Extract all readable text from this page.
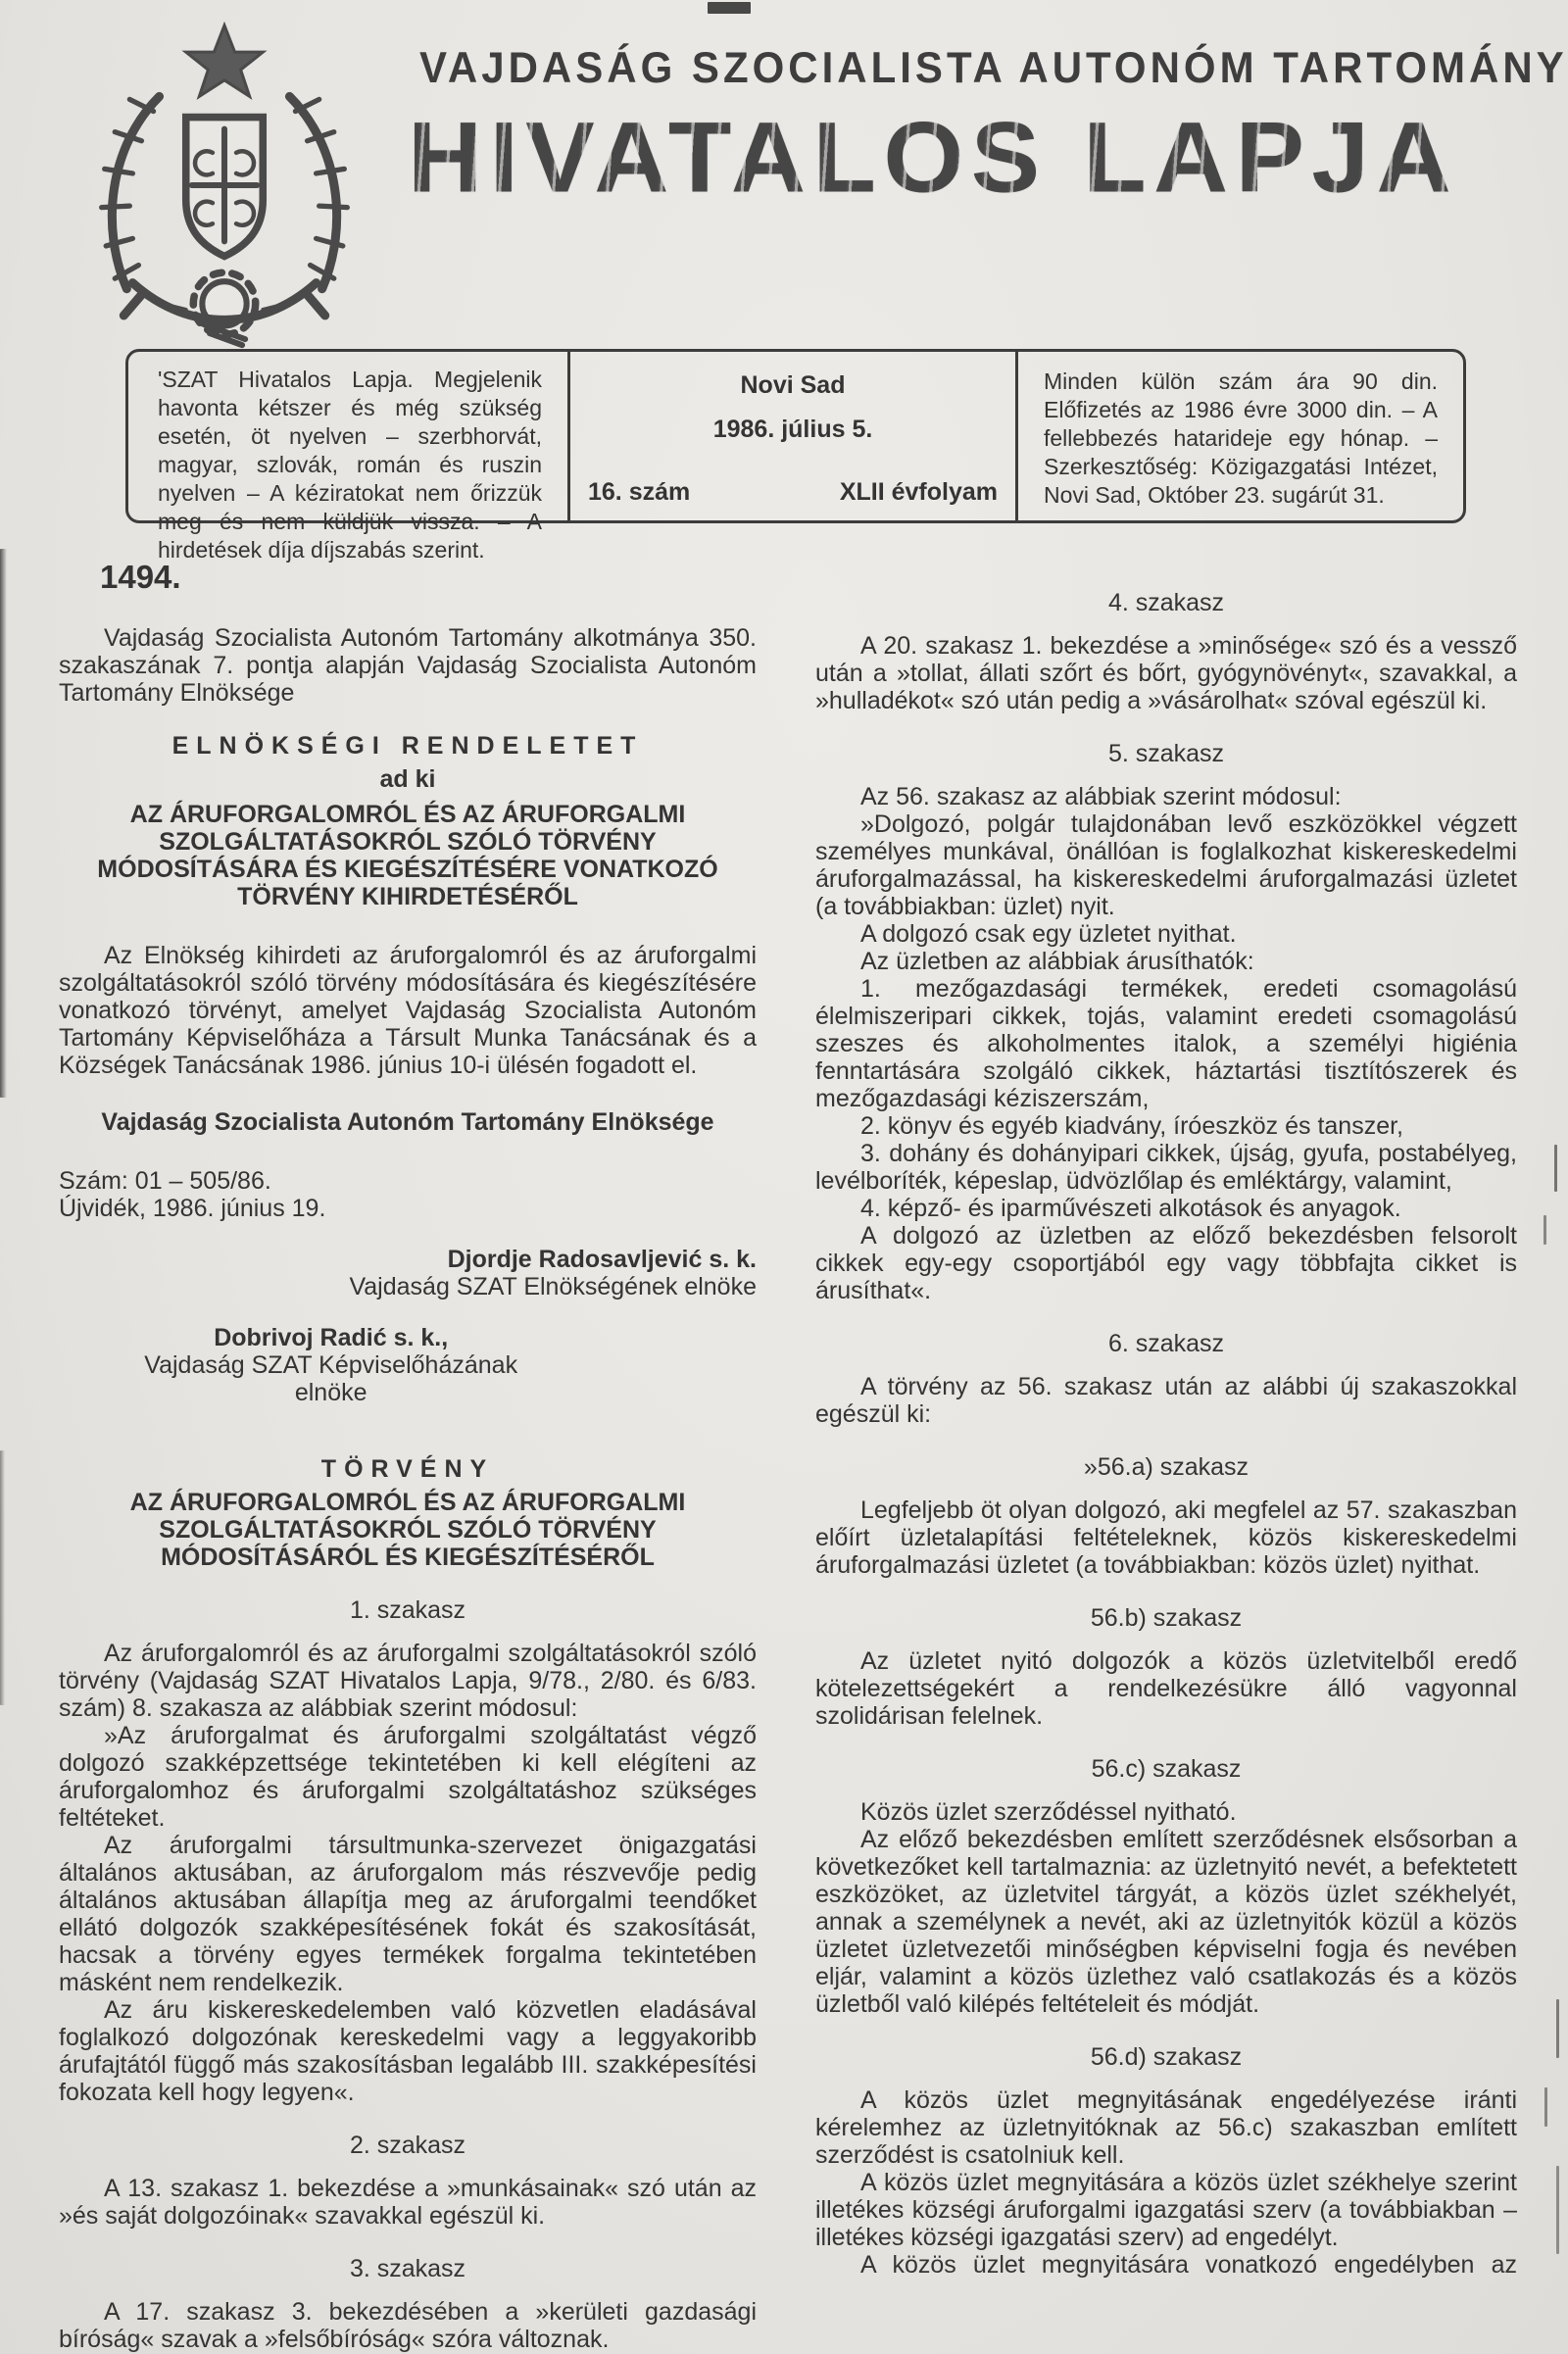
VAJDASÁG SZOCIALISTA AUTONÓM TARTOMÁNY
HIVATALOS LAPJA
'SZAT Hivatalos Lapja. Megjelenik havonta kétszer és még szükség esetén, öt nyelven – szerbhorvát, magyar, szlovák, román és ruszin nyelven – A kéziratokat nem őrizzük meg és nem küldjük vissza. – A hirdetések díja díjszabás szerint.
Novi Sad
1986. július 5.
16. szám	XLII évfolyam
Minden külön szám ára 90 din. Előfizetés az 1986 évre 3000 din. – A fellebbezés hatarideje egy hónap. – Szerkesztőség: Közigazgatási Intézet, Novi Sad, Október 23. sugárút 31.
1494.
Vajdaság Szocialista Autonóm Tartomány alkotmánya 350. szakaszának 7. pontja alapján Vajdaság Szocialista Autonóm Tartomány Elnöksége
ELNÖKSÉGI RENDELETET
ad ki
AZ ÁRUFORGALOMRÓL ÉS AZ ÁRUFORGALMI SZOLGÁLTATÁSOKRÓL SZÓLÓ TÖRVÉNY MÓDOSÍTÁSÁRA ÉS KIEGÉSZÍTÉSÉRE VONATKOZÓ TÖRVÉNY KIHIRDETÉSÉRŐL
Az Elnökség kihirdeti az áruforgalomról és az áruforgalmi szolgáltatásokról szóló törvény módosítására és kiegészítésére vonatkozó törvényt, amelyet Vajdaság Szocialista Autonóm Tartomány Képviselőháza a Társult Munka Tanácsának és a Községek Tanácsának 1986. június 10-i ülésén fogadott el.
Vajdaság Szocialista Autonóm Tartomány Elnöksége
Szám: 01 – 505/86.
Újvidék, 1986. június 19.
Djordje Radosavljević s. k.
Vajdaság SZAT Elnökségének elnöke
Dobrivoj Radić s. k.,
Vajdaság SZAT Képviselőházának
elnöke
TÖRVÉNY
AZ ÁRUFORGALOMRÓL ÉS AZ ÁRUFORGALMI SZOLGÁLTATÁSOKRÓL SZÓLÓ TÖRVÉNY MÓDOSÍTÁSÁRÓL ÉS KIEGÉSZÍTÉSÉRŐL
1. szakasz
Az áruforgalomról és az áruforgalmi szolgáltatásokról szóló törvény (Vajdaság SZAT Hivatalos Lapja, 9/78., 2/80. és 6/83. szám) 8. szakasza az alábbiak szerint módosul:
»Az áruforgalmat és áruforgalmi szolgáltatást végző dolgozó szakképzettsége tekintetében ki kell elégíteni az áruforgalomhoz és áruforgalmi szolgáltatáshoz szükséges feltéteket.
Az áruforgalmi társultmunka-szervezet önigazgatási általános aktusában, az áruforgalom más részvevője pedig általános aktusában állapítja meg az áruforgalmi teendőket ellátó dolgozók szakképesítésének fokát és szakosítását, hacsak a törvény egyes termékek forgalma tekintetében másként nem rendelkezik.
Az áru kiskereskedelemben való közvetlen eladásával foglalkozó dolgozónak kereskedelmi vagy a leggyakoribb árufajtától függő más szakosításban legalább III. szakképesítési fokozata kell hogy legyen«.
2. szakasz
A 13. szakasz 1. bekezdése a »munkásainak« szó után az »és saját dolgozóinak« szavakkal egészül ki.
3. szakasz
A 17. szakasz 3. bekezdésében a »kerületi gazdasági bíróság« szavak a »felsőbíróság« szóra változnak.
4. szakasz
A 20. szakasz 1. bekezdése a »minősége« szó és a vessző után a »tollat, állati szőrt és bőrt, gyógynövényt«, szavakkal, a »hulladékot« szó után pedig a »vásárolhat« szóval egészül ki.
5. szakasz
Az 56. szakasz az alábbiak szerint módosul:
»Dolgozó, polgár tulajdonában levő eszközökkel végzett személyes munkával, önállóan is foglalkozhat kiskereskedelmi áruforgalmazással, ha kiskereskedelmi áruforgalmazási üzletet (a továbbiakban: üzlet) nyit.
A dolgozó csak egy üzletet nyithat.
Az üzletben az alábbiak árusíthatók:
1. mezőgazdasági termékek, eredeti csomagolású élelmiszeripari cikkek, tojás, valamint eredeti csomagolású szeszes és alkoholmentes italok, a személyi higiénia fenntartására szolgáló cikkek, háztartási tisztítószerek és mezőgazdasági kéziszerszám,
2. könyv és egyéb kiadvány, íróeszköz és tanszer,
3. dohány és dohányipari cikkek, újság, gyufa, postabélyeg, levélboríték, képeslap, üdvözlőlap és emléktárgy, valamint,
4. képző- és iparművészeti alkotások és anyagok.
A dolgozó az üzletben az előző bekezdésben felsorolt cikkek egy-egy csoportjából egy vagy többfajta cikket is árusíthat«.
6. szakasz
A törvény az 56. szakasz után az alábbi új szakaszokkal egészül ki:
»56.a) szakasz
Legfeljebb öt olyan dolgozó, aki megfelel az 57. szakaszban előírt üzletalapítási feltételeknek, közös kiskereskedelmi áruforgalmazási üzletet (a továbbiakban: közös üzlet) nyithat.
56.b) szakasz
Az üzletet nyitó dolgozók a közös üzletvitelből eredő kötelezettségekért a rendelkezésükre álló vagyonnal szolidárisan felelnek.
56.c) szakasz
Közös üzlet szerződéssel nyitható.
Az előző bekezdésben említett szerződésnek elsősorban a következőket kell tartalmaznia: az üzletnyitó nevét, a befektetett eszközöket, az üzletvitel tárgyát, a közös üzlet székhelyét, annak a személynek a nevét, aki az üzletnyitók közül a közös üzletet üzletvezetői minőségben képviselni fogja és nevében eljár, valamint a közös üzlethez való csatlakozás és a közös üzletből való kilépés feltételeit és módját.
56.d) szakasz
A közös üzlet megnyitásának engedélyezése iránti kérelemhez az üzletnyitóknak az 56.c) szakaszban említett szerződést is csatolniuk kell.
A közös üzlet megnyitására a közös üzlet székhelye szerint illetékes községi áruforgalmi igazgatási szerv (a továbbiakban – illetékes községi igazgatási szerv) ad engedélyt.
A közös üzlet megnyitására vonatkozó engedélyben az
